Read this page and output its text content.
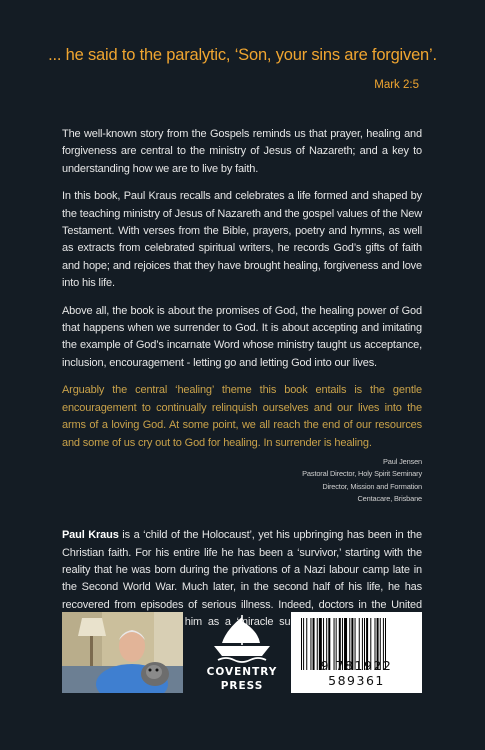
... he said to the paralytic, ‘Son, your sins are forgiven’.
Mark 2:5

The well-known story from the Gospels reminds us that prayer, healing and forgiveness are central to the ministry of Jesus of Nazareth; and a key to understanding how we are to live by faith.

In this book, Paul Kraus recalls and celebrates a life formed and shaped by the teaching ministry of Jesus of Nazareth and the gospel values of the New Testament. With verses from the Bible, prayers, poetry and hymns, as well as extracts from celebrated spiritual writers, he records God’s gifts of faith and hope; and rejoices that they have brought healing, forgiveness and love into his life.

Above all, the book is about the promises of God, the healing power of God that happens when we surrender to God. It is about accepting and imitating the example of God’s incarnate Word whose ministry taught us acceptance, inclusion, encouragement - letting go and letting God into our lives.

Arguably the central ‘healing’ theme this book entails is the gentle encouragement to continually relinquish ourselves and our lives into the arms of a loving God. At some point, we all reach the end of our resources and some of us cry out to God for healing. In surrender is healing.

Paul Jensen
Pastoral Director, Holy Spirit Seminary
Director, Mission and Formation
Centacare, Brisbane

Paul Kraus is a ‘child of the Holocaust’, yet his upbringing has been in the Christian faith. For his entire life he has been a ‘survivor,’ starting with the reality that he was born during the privations of a Nazi labour camp late in the Second World War. Much later, in the second half of his life, he has recovered from episodes of serious illness. Indeed, doctors in the United him as a ‘miracle

COVENTRY
PRESS
9 781922 589361
